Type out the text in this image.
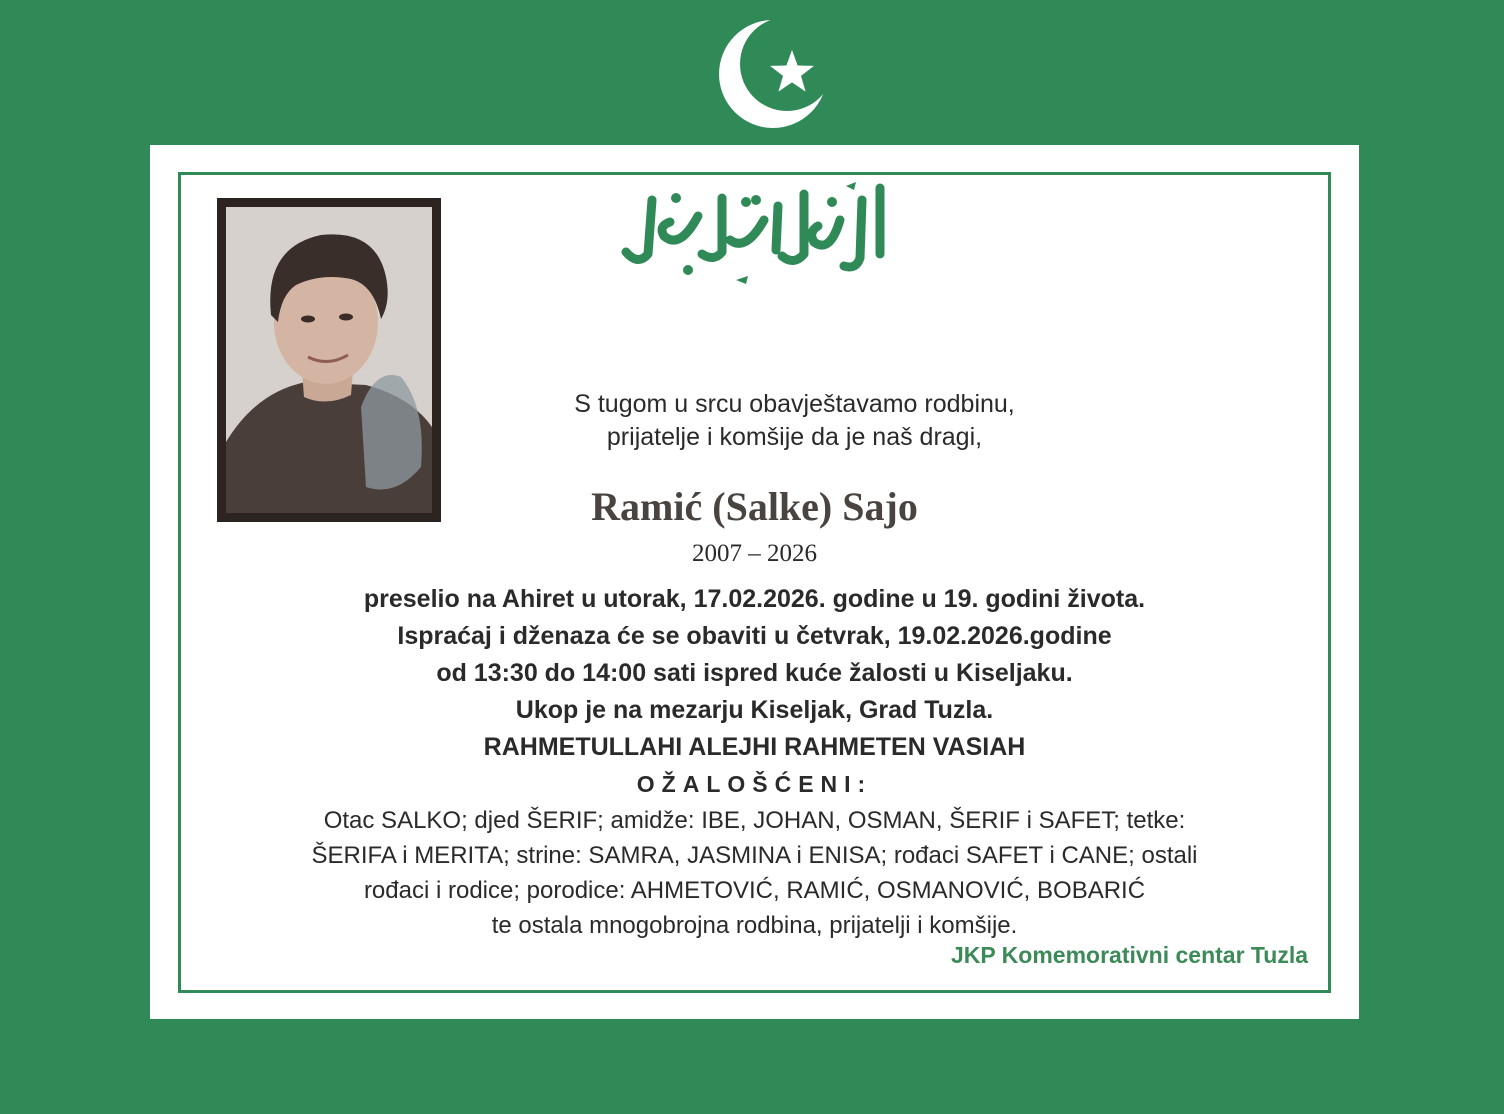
S tugom u srcu obavještavamo rodbinu,
prijatelje i komšije da je naš dragi,
Ramić (Salke) Sajo
2007 – 2026
preselio na Ahiret u utorak, 17.02.2026. godine u 19. godini života.
Ispraćaj i dženaza će se obaviti u četvrak, 19.02.2026.godine
od 13:30 do 14:00 sati ispred kuće žalosti u Kiseljaku.
Ukop je na mezarju Kiseljak, Grad Tuzla.
RAHMETULLAHI ALEJHI RAHMETEN VASIAH
OŽALOŠĆENI:
Otac SALKO; djed ŠERIF; amidže: IBE, JOHAN, OSMAN, ŠERIF i SAFET; tetke:
ŠERIFA i MERITA; strine: SAMRA, JASMINA i ENISA; rođaci SAFET i CANE; ostali
rođaci i rodice; porodice: AHMETOVIĆ, RAMIĆ, OSMANOVIĆ, BOBARIĆ
te ostala mnogobrojna rodbina, prijatelji i komšije.
JKP Komemorativni centar Tuzla
